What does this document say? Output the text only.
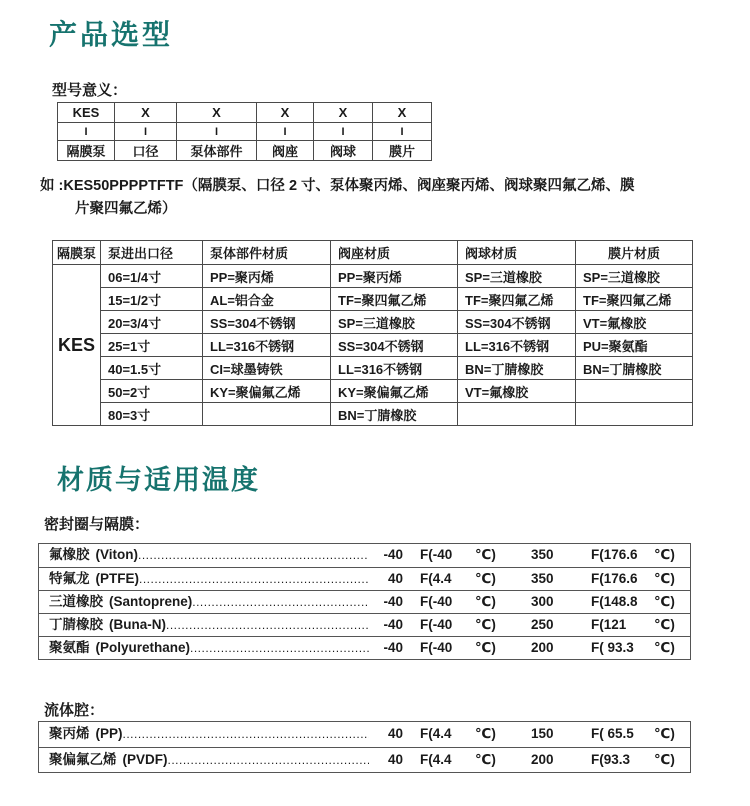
产品选型
型号意义：
KES	X	X	X	X	X
I	I	I	I	I	I
隔膜泵	口径	泵体部件	阀座	阀球	膜片
如 :KES50PPPPTFTF（隔膜泵、口径 2 寸、泵体聚丙烯、阀座聚丙烯、阀球聚四氟乙烯、膜
片聚四氟乙烯）
隔膜泵	泵进出口径	泵体部件材质	阀座材质	阀球材质	膜片材质
KES	06=1/4寸	PP=聚丙烯	PP=聚丙烯	SP=三道橡胶	SP=三道橡胶
	15=1/2寸	AL=铝合金	TF=聚四氟乙烯	TF=聚四氟乙烯	TF=聚四氟乙烯
	20=3/4寸	SS=304不锈钢	SP=三道橡胶	SS=304不锈钢	VT=氟橡胶
	25=1寸	LL=316不锈钢	SS=304不锈钢	LL=316不锈钢	PU=聚氨酯
	40=1.5寸	CI=球墨铸铁	LL=316不锈钢	BN=丁腈橡胶	BN=丁腈橡胶
	50=2寸	KY=聚偏氟乙烯	KY=聚偏氟乙烯	VT=氟橡胶	
	80=3寸		BN=丁腈橡胶		
材质与适用温度
密封圈与隔膜：
氟橡胶 (Viton) .....	-40 F(-40	℃)	350	F(176.6	℃)
特氟龙 (PTFE) .....	40 F(4.4	℃)	350	F(176.6	℃)
三道橡胶 (Santoprene) .....	-40 F(-40	℃)	300	F(148.8	℃)
丁腈橡胶 (Buna-N) .....	-40 F(-40	℃)	250	F(121	℃)
聚氨酯 (Polyurethane) .....	-40 F(-40	℃)	200	F( 93.3	℃)
流体腔：
聚丙烯 (PP) .....	40 F(4.4	℃)	150	F( 65.5	℃)
聚偏氟乙烯 (PVDF) .....	40 F(4.4	℃)	200	F(93.3	℃)
